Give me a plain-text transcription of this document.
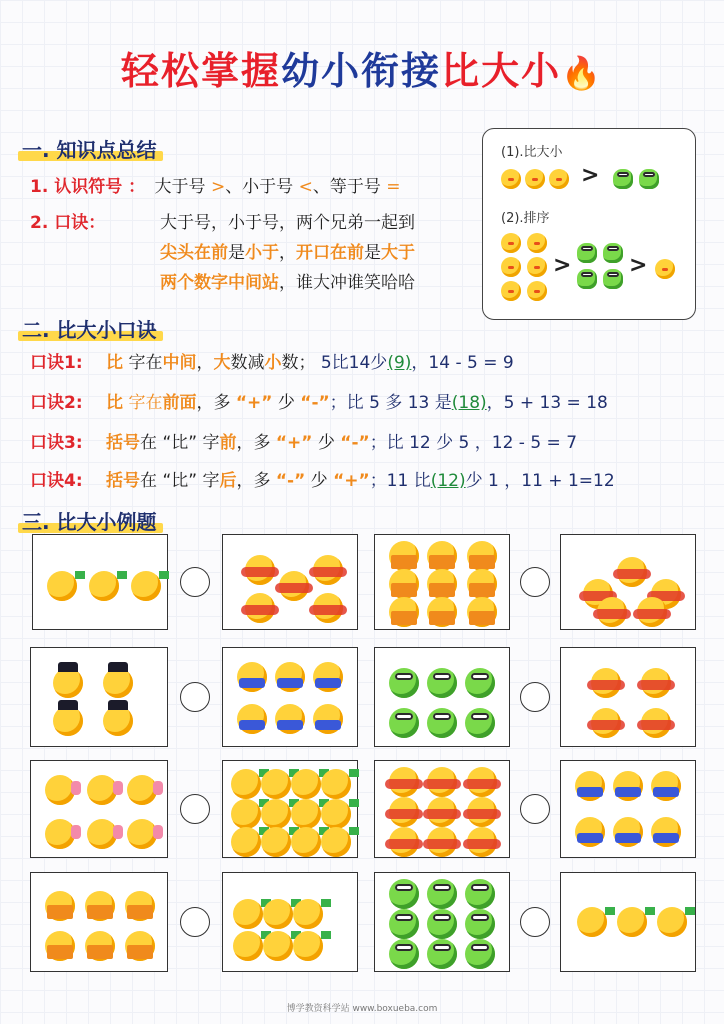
轻松掌握幼小衔接比大小🔥
一. 知识点总结
1. 认识符号 ： 大于号 >、小于号 <、等于号 =
2. 口诀：	大于号，小于号，两个兄弟一起到
尖头在前是小于，开口在前是大于
两个数字中间站，谁大冲谁笑哈哈
(1).比大小
>
(2).排序
>	>
二. 比大小口诀
口诀1: 比 字在中间，大数减小数； 5比14少(9)，14 - 5 = 9
口诀2: 比 字在前面，多 “+” 少 “-”；比 5 多 13 是(18)，5 + 13 = 18
口诀3: 括号在 “比” 字前，多 “+” 少 “-”；比 12 少 5 ，12 - 5 = 7
口诀4: 括号在 “比” 字后，多 “-” 少 “+”；11 比(12)少 1 ，11 + 1=12
三. 比大小例题
博学教资科学站 www.boxueba.com
